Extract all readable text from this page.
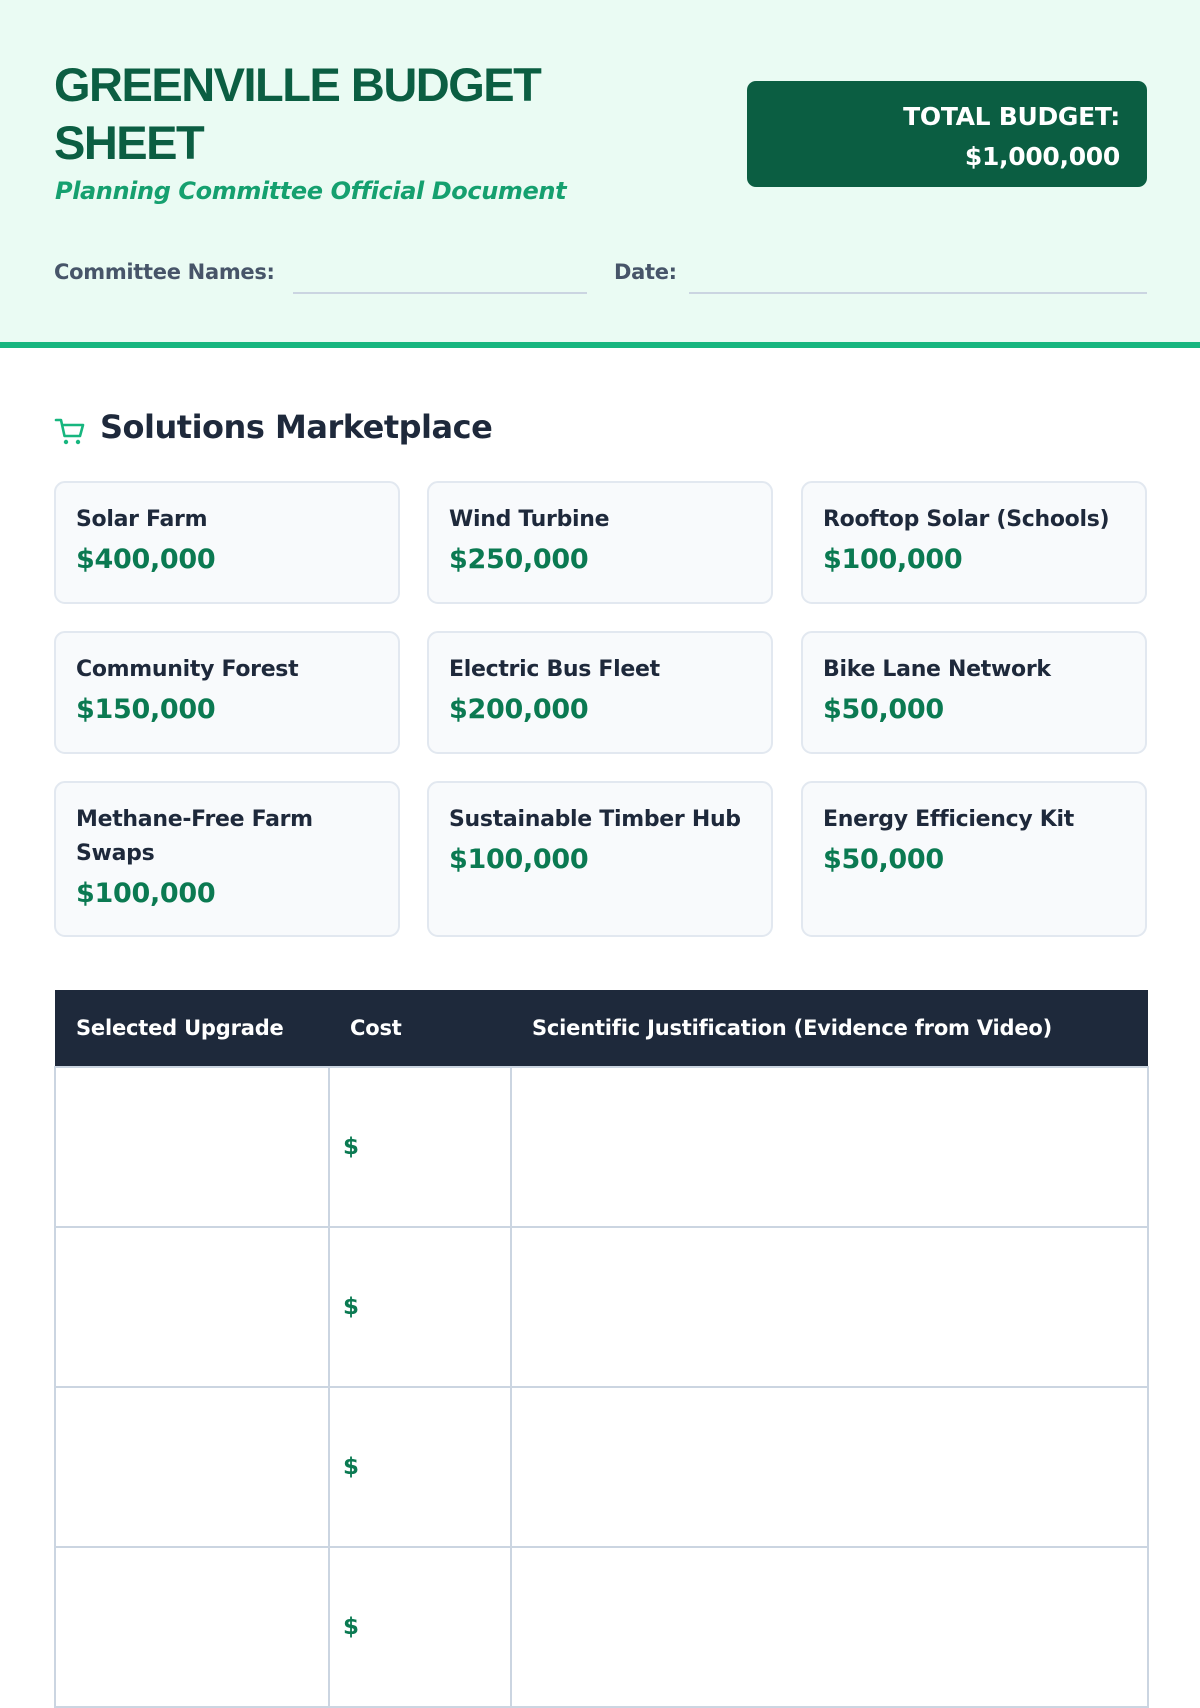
GREENVILLE BUDGET SHEET
Planning Committee Official Document
TOTAL BUDGET:
$1,000,000
Committee Names:	Date:
Solutions Marketplace
Solar Farm
$400,000
Wind Turbine
$250,000
Rooftop Solar (Schools)
$100,000
Community Forest
$150,000
Electric Bus Fleet
$200,000
Bike Lane Network
$50,000
Methane-Free Farm Swaps
$100,000
Sustainable Timber Hub
$100,000
Energy Efficiency Kit
$50,000
Selected Upgrade	Cost	Scientific Justification (Evidence from Video)
	$	
	$	
	$	
	$	
